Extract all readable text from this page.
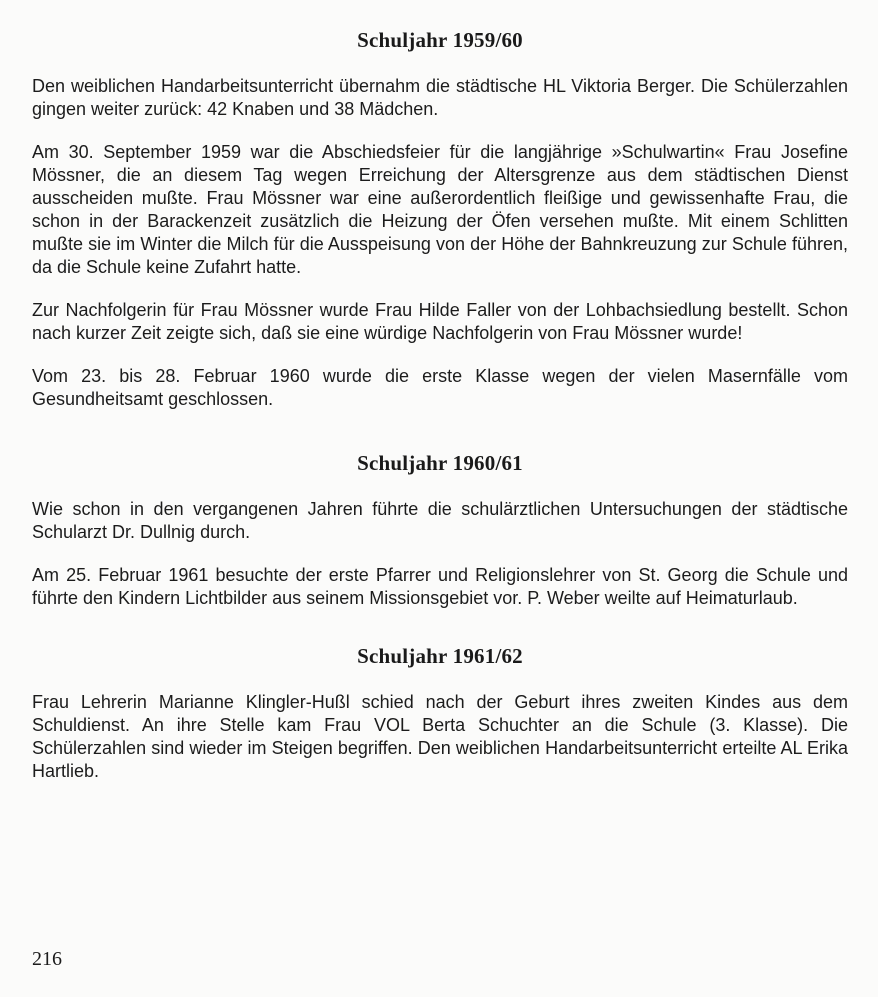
Schuljahr 1959/60

Den weiblichen Handarbeitsunterricht übernahm die städtische HL Viktoria Berger. Die Schülerzahlen gingen weiter zurück: 42 Knaben und 38 Mädchen.

Am 30. September 1959 war die Abschiedsfeier für die langjährige »Schulwartin« Frau Josefine Mössner, die an diesem Tag wegen Erreichung der Altersgrenze aus dem städtischen Dienst ausscheiden mußte. Frau Mössner war eine außerordentlich fleißige und gewissenhafte Frau, die schon in der Barackenzeit zusätzlich die Heizung der Öfen versehen mußte. Mit einem Schlitten mußte sie im Winter die Milch für die Ausspeisung von der Höhe der Bahnkreuzung zur Schule führen, da die Schule keine Zufahrt hatte.

Zur Nachfolgerin für Frau Mössner wurde Frau Hilde Faller von der Lohbachsiedlung bestellt. Schon nach kurzer Zeit zeigte sich, daß sie eine würdige Nachfolgerin von Frau Mössner wurde!

Vom 23. bis 28. Februar 1960 wurde die erste Klasse wegen der vielen Masernfälle vom Gesundheitsamt geschlossen.

Schuljahr 1960/61

Wie schon in den vergangenen Jahren führte die schulärztlichen Untersuchungen der städtische Schularzt Dr. Dullnig durch.

Am 25. Februar 1961 besuchte der erste Pfarrer und Religionslehrer von St. Georg die Schule und führte den Kindern Lichtbilder aus seinem Missionsgebiet vor. P. Weber weilte auf Heimaturlaub.

Schuljahr 1961/62

Frau Lehrerin Marianne Klingler-Hußl schied nach der Geburt ihres zweiten Kindes aus dem Schuldienst. An ihre Stelle kam Frau VOL Berta Schuchter an die Schule (3. Klasse). Die Schülerzahlen sind wieder im Steigen begriffen. Den weiblichen Handarbeitsunterricht erteilte AL Erika Hartlieb.

216
